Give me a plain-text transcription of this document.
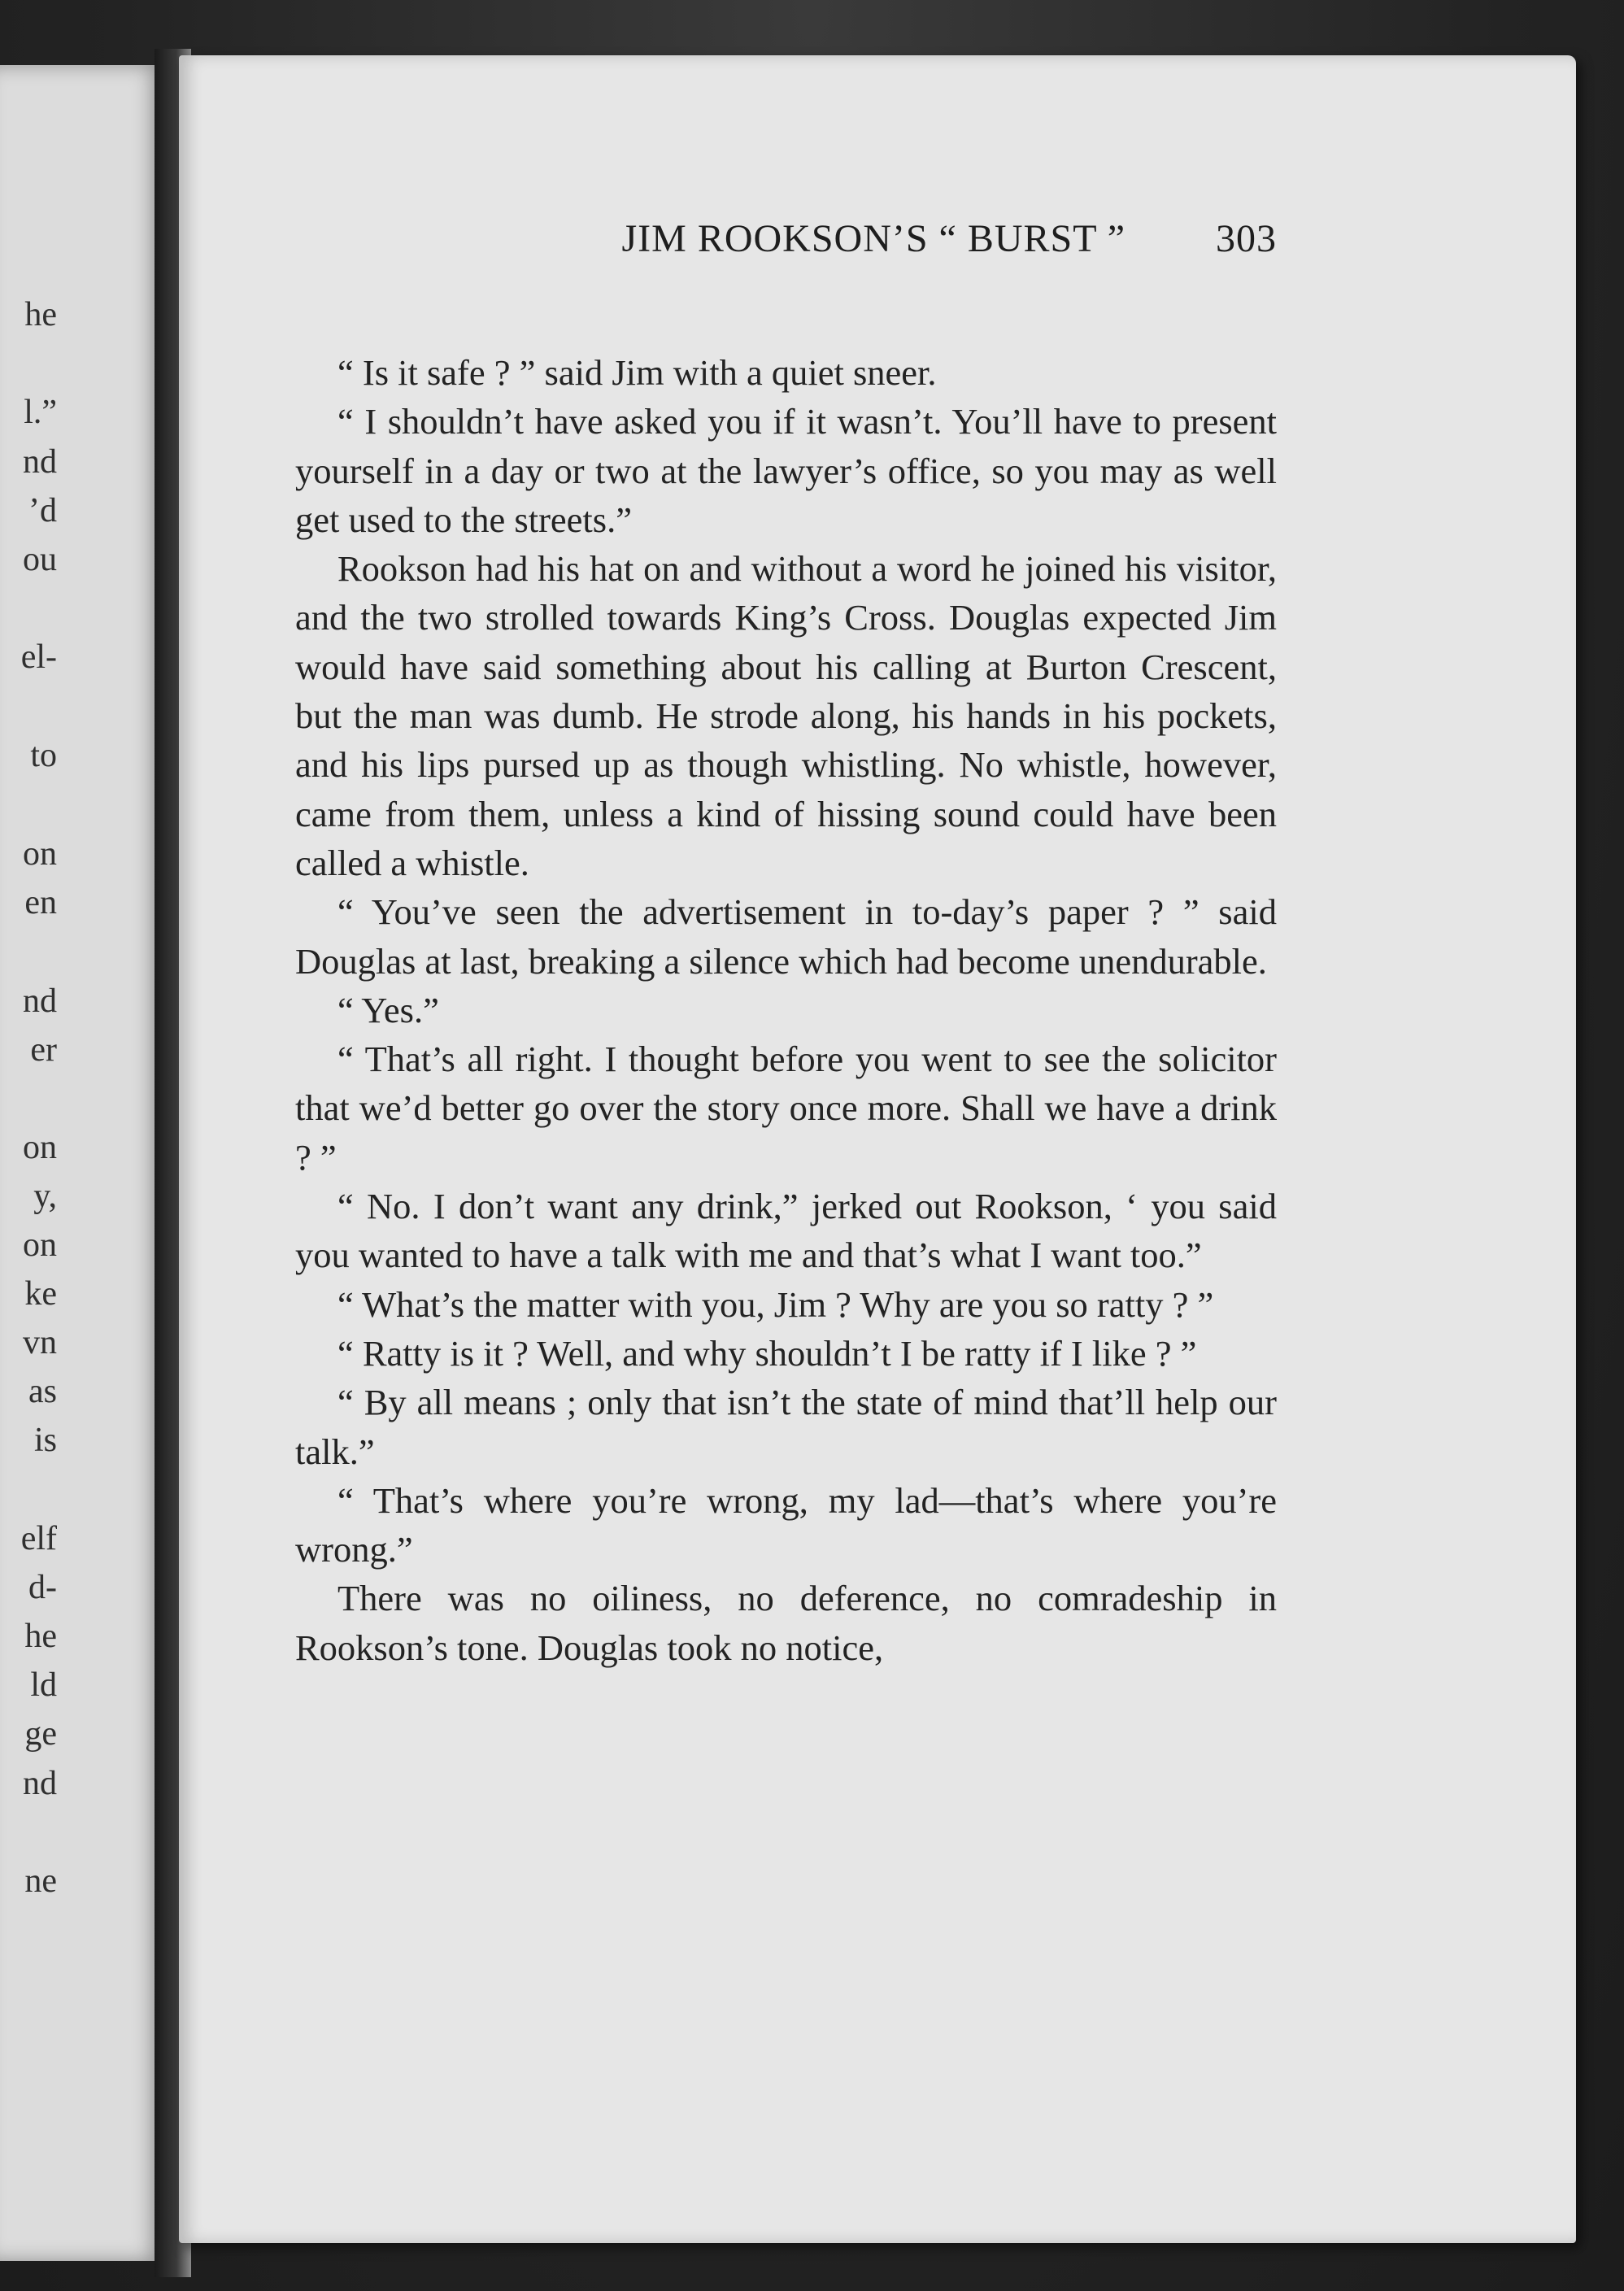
he
l.”
nd
’d
ou
el-
to
on
en
nd
er
on
y,
on
ke
vn
as
is
elf
d-
he
ld
ge
nd
ne
JIM ROOKSON’S “ BURST ” 303

“ Is it safe ? ” said Jim with a quiet sneer.

“ I shouldn’t have asked you if it wasn’t. You’ll have to present yourself in a day or two at the lawyer’s office, so you may as well get used to the streets.”

Rookson had his hat on and without a word he joined his visitor, and the two strolled towards King’s Cross. Douglas expected Jim would have said something about his calling at Burton Crescent, but the man was dumb. He strode along, his hands in his pockets, and his lips pursed up as though whistling. No whistle, however, came from them, unless a kind of hissing sound could have been called a whistle.

“ You’ve seen the advertisement in to-day’s paper ? ” said Douglas at last, breaking a silence which had become unendurable.

“ Yes.”

“ That’s all right. I thought before you went to see the solicitor that we’d better go over the story once more. Shall we have a drink ? ”

“ No. I don’t want any drink,” jerked out Rookson, ‘ you said you wanted to have a talk with me and that’s what I want too.”

“ What’s the matter with you, Jim ? Why are you so ratty ? ”

“ Ratty is it ? Well, and why shouldn’t I be ratty if I like ? ”

“ By all means ; only that isn’t the state of mind that’ll help our talk.”

“ That’s where you’re wrong, my lad—that’s where you’re wrong.”

There was no oiliness, no deference, no comradeship in Rookson’s tone. Douglas took no notice,
